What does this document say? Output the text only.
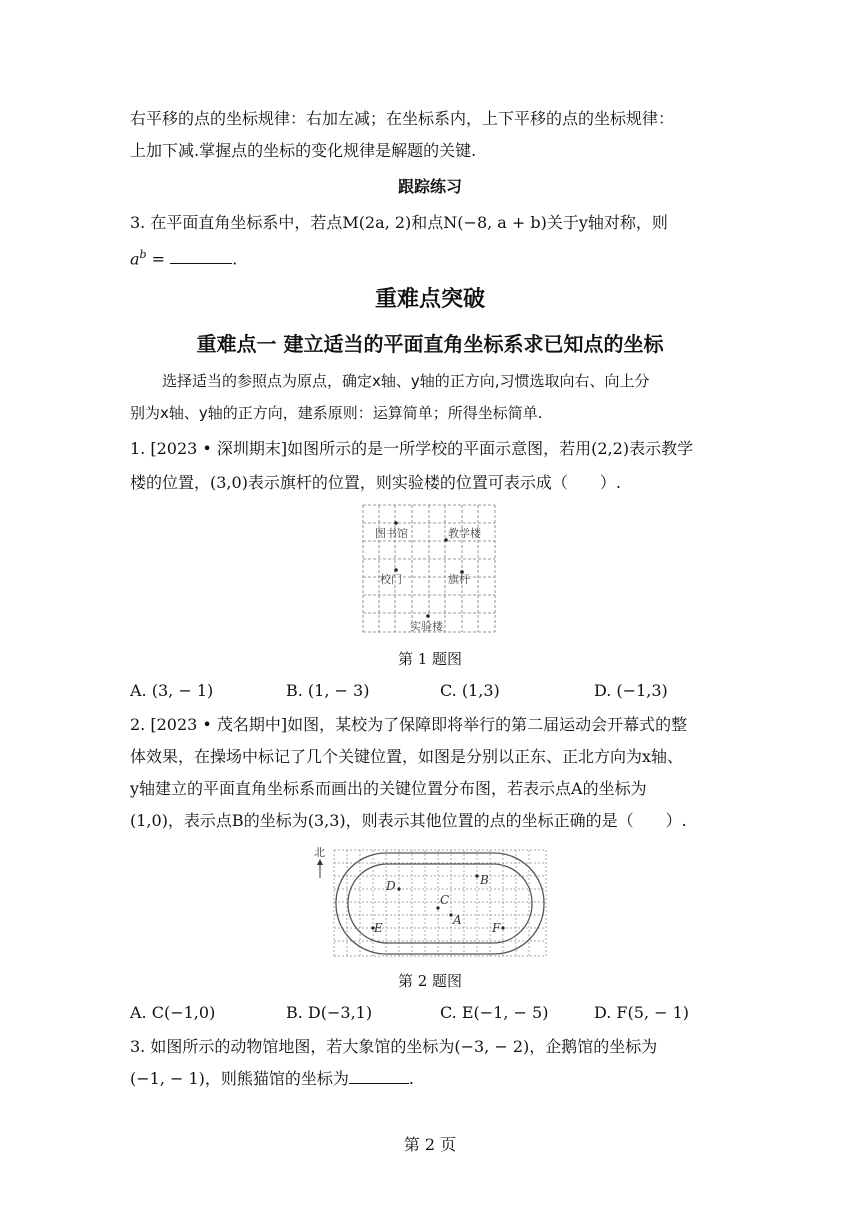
右平移的点的坐标规律：右加左减；在坐标系内，上下平移的点的坐标规律：
上加下减.掌握点的坐标的变化规律是解题的关键.
跟踪练习
3. 在平面直角坐标系中，若点M(2a, 2)和点N(−8, a + b)关于y轴对称，则
$a^b$ =	.
重难点突破
重难点一 建立适当的平面直角坐标系求已知点的坐标
选择适当的参照点为原点，确定x轴、y轴的正方向,习惯选取向右、向上分
别为x轴、y轴的正方向，建系原则：运算简单；所得坐标简单.
1. [2023 • 深圳期末]如图所示的是一所学校的平面示意图，若用(2,2)表示教学
楼的位置，(3,0)表示旗杆的位置，则实验楼的位置可表示成（　　）.
图书馆	教学楼
校门	旗杆
实验楼
第 1 题图
A. (3, − 1)	B. (1, − 3)	C. (1,3)	D. (−1,3)
2. [2023 • 茂名期中]如图，某校为了保障即将举行的第二届运动会开幕式的整
体效果，在操场中标记了几个关键位置，如图是分别以正东、正北方向为x轴、
y轴建立的平面直角坐标系而画出的关键位置分布图，若表示点A的坐标为
(1,0)，表示点B的坐标为(3,3)，则表示其他位置的点的坐标正确的是（　　）.
北
D	B
C
A
E	F
第 2 题图
A. C(−1,0)	B. D(−3,1)	C. E(−1, − 5)	D. F(5, − 1)
3. 如图所示的动物馆地图，若大象馆的坐标为(−3, − 2)，企鹅馆的坐标为
(−1, − 1)，则熊猫馆的坐标为	.
第 2 页
